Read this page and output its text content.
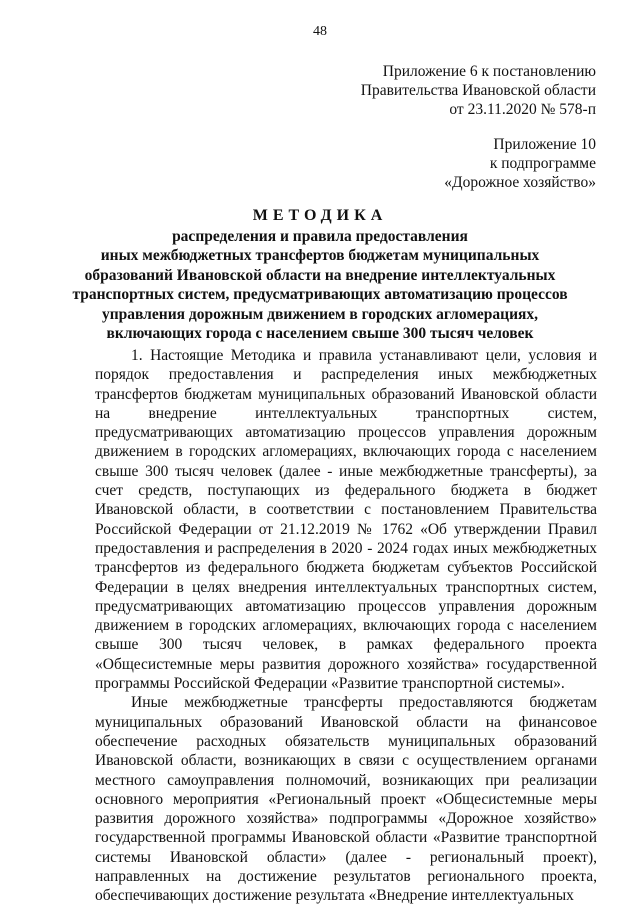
48
Приложение 6 к постановлению
Правительства Ивановской области
от 23.11.2020 № 578-п
Приложение 10
к подпрограмме
«Дорожное хозяйство»
МЕТОДИКА
распределения и правила предоставления
иных межбюджетных трансфертов бюджетам муниципальных
образований Ивановской области на внедрение интеллектуальных
транспортных систем, предусматривающих автоматизацию процессов
управления дорожным движением в городских агломерациях,
включающих города с населением свыше 300 тысяч человек

1. Настоящие Методика и правила устанавливают цели, условия и порядок предоставления и распределения иных межбюджетных трансфертов бюджетам муниципальных образований Ивановской области на внедрение интеллектуальных транспортных систем, предусматривающих автоматизацию процессов управления дорожным движением в городских агломерациях, включающих города с населением свыше 300 тысяч человек (далее - иные межбюджетные трансферты), за счет средств, поступающих из федерального бюджета в бюджет Ивановской области, в соответствии с постановлением Правительства Российской Федерации от 21.12.2019 № 1762 «Об утверждении Правил предоставления и распределения в 2020 - 2024 годах иных межбюджетных трансфертов из федерального бюджета бюджетам субъектов Российской Федерации в целях внедрения интеллектуальных транспортных систем, предусматривающих автоматизацию процессов управления дорожным движением в городских агломерациях, включающих города с населением свыше 300 тысяч человек, в рамках федерального проекта «Общесистемные меры развития дорожного хозяйства» государственной программы Российской Федерации «Развитие транспортной системы».

Иные межбюджетные трансферты предоставляются бюджетам муниципальных образований Ивановской области на финансовое обеспечение расходных обязательств муниципальных образований Ивановской области, возникающих в связи с осуществлением органами местного самоуправления полномочий, возникающих при реализации основного мероприятия «Региональный проект «Общесистемные меры развития дорожного хозяйства» подпрограммы «Дорожное хозяйство» государственной программы Ивановской области «Развитие транспортной системы Ивановской области» (далее - региональный проект), направленных на достижение результатов регионального проекта, обеспечивающих достижение результата «Внедрение интеллектуальных
